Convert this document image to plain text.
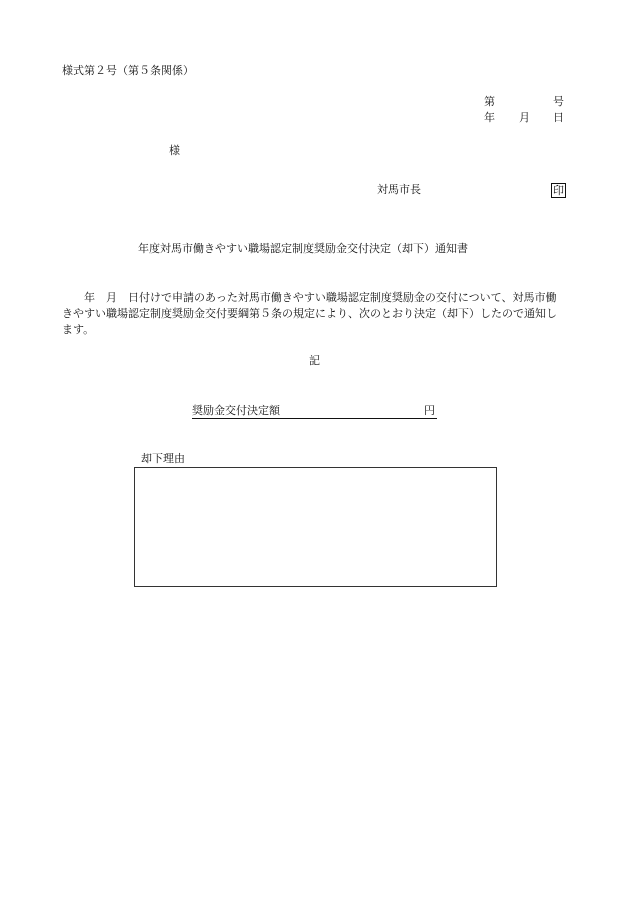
様式第２号（第５条関係）
第	号
年 月 日
様
対馬市長	印
年度対馬市働きやすい職場認定制度奨励金交付決定（却下）通知書
　　年　月　日付けで申請のあった対馬市働きやすい職場認定制度奨励金の交付について、対馬市働きやすい職場認定制度奨励金交付要綱第５条の規定により、次のとおり決定（却下）したので通知します。
記
奨励金交付決定額	円
却下理由
